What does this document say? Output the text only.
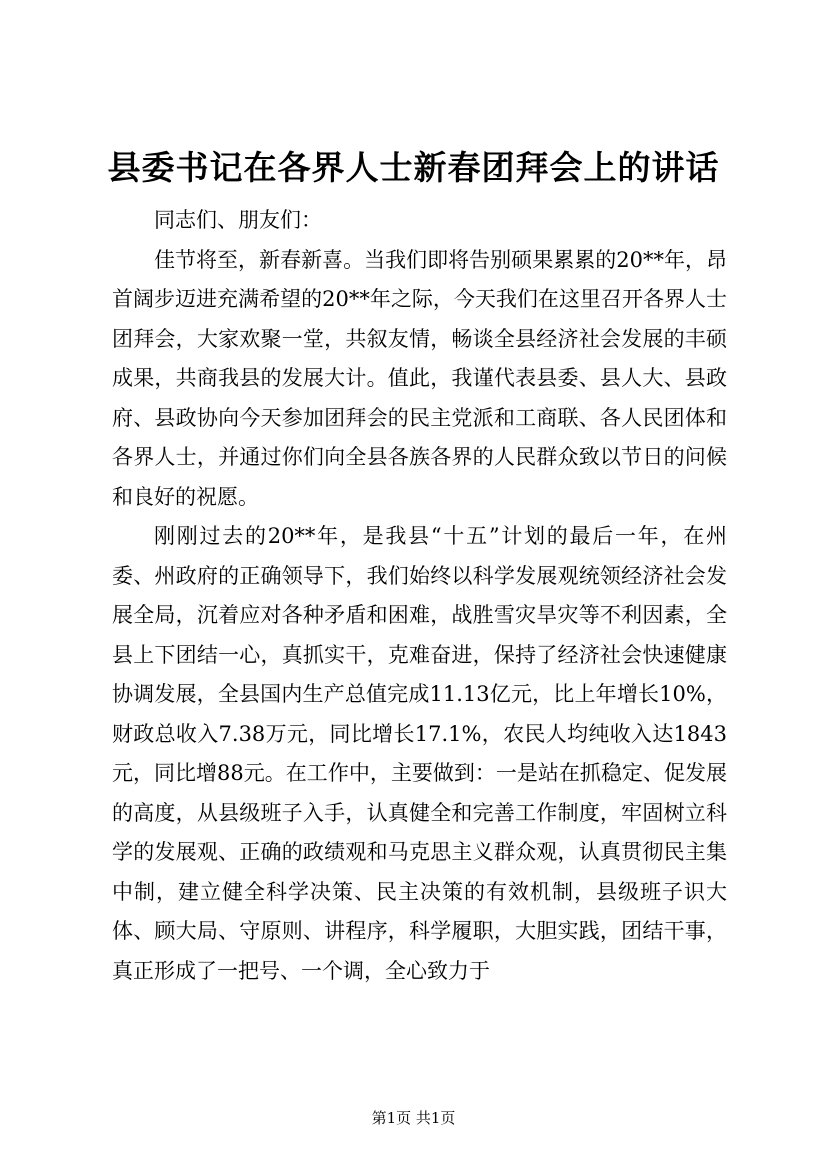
县委书记在各界人士新春团拜会上的讲话

同志们、朋友们：

佳节将至，新春新喜。当我们即将告别硕果累累的20**年，昂首阔步迈进充满希望的20**年之际，今天我们在这里召开各界人士团拜会，大家欢聚一堂，共叙友情，畅谈全县经济社会发展的丰硕成果，共商我县的发展大计。值此，我谨代表县委、县人大、县政府、县政协向今天参加团拜会的民主党派和工商联、各人民团体和各界人士，并通过你们向全县各族各界的人民群众致以节日的问候和良好的祝愿。

刚刚过去的20**年，是我县“十五”计划的最后一年，在州委、州政府的正确领导下，我们始终以科学发展观统领经济社会发展全局，沉着应对各种矛盾和困难，战胜雪灾旱灾等不利因素，全县上下团结一心，真抓实干，克难奋进，保持了经济社会快速健康协调发展，全县国内生产总值完成11.13亿元，比上年增长10%，财政总收入7.38万元，同比增长17.1%，农民人均纯收入达1843元，同比增88元。在工作中，主要做到：一是站在抓稳定、促发展的高度，从县级班子入手，认真健全和完善工作制度，牢固树立科学的发展观、正确的政绩观和马克思主义群众观，认真贯彻民主集中制，建立健全科学决策、民主决策的有效机制，县级班子识大体、顾大局、守原则、讲程序，科学履职，大胆实践，团结干事，真正形成了一把号、一个调，全心致力于

第1页 共1页
